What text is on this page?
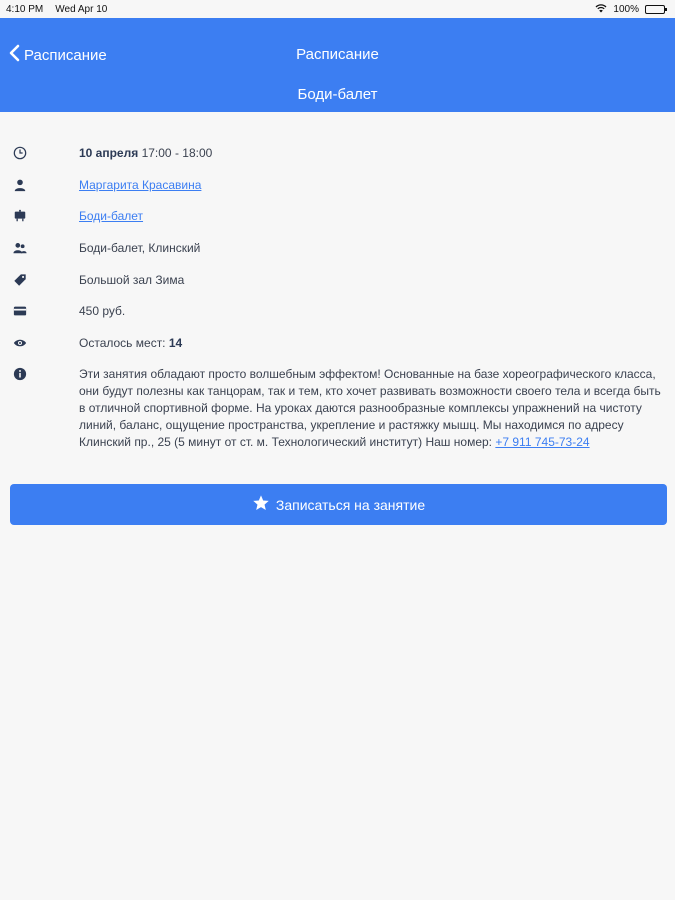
4:10 PM Wed Apr 10	100%
Расписание	Расписание
Боди-балет
10 апреля 17:00 - 18:00
Маргарита Красавина
Боди-балет
Боди-балет, Клинский
Большой зал Зима
450 руб.
Осталось мест: 14
Эти занятия обладают просто волшебным эффектом! Основанные на базе хореографического класса, они будут полезны как танцорам, так и тем, кто хочет развивать возможности своего тела и всегда быть в отличной спортивной форме. На уроках даются разнообразные комплексы упражнений на чистоту линий, баланс, ощущение пространства, укрепление и растяжку мышц. Мы находимся по адресу Клинский пр., 25 (5 минут от ст. м. Технологический институт) Наш номер: +7 911 745-73-24
Записаться на занятие
